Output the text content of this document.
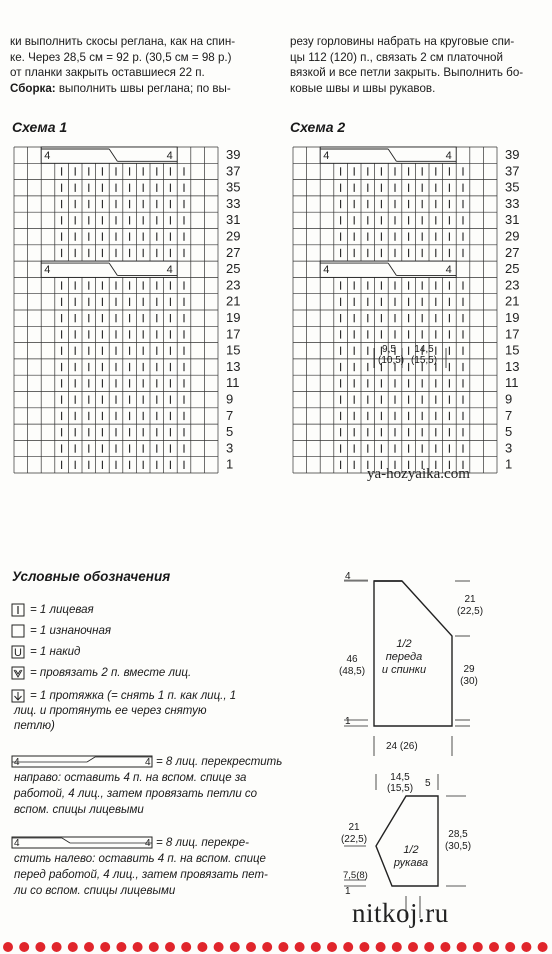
ки выполнить скосы реглана, как на спин-
ке. Через 28,5 см = 92 р. (30,5 см = 98 р.)
от планки закрыть оставшиеся 22 п.
Сборка: выполнить швы реглана; по вы-
резу горловины набрать на круговые спи-
цы 112 (120) п., связать 2 см платочной
вязкой и все петли закрыть. Выполнить бо-
ковые швы и швы рукавов.
Схема 1	Схема 2
4	4
4	4
39
37
35
33
31
29
27
25
23
21
19
17
15
13
11
9
7
5
3
1
4	4
4	4
39
37
35
33
31
29
27
25
23
21
19
17
15
13
11
9
7
5
3
1
Условные обозначения
U
4	4
4	4
= 1 лицевая
= 1 изнаночная
= 1 накид
= провязать 2 п. вместе лиц.
= 1 протяжка (= снять 1 п. как лиц., 1
лиц. и протянуть ее через снятую
петлю)
= 8 лиц. перекрестить
направо: оставить 4 п. на вспом. спице за
работой, 4 лиц., затем провязать петли со
вспом. спицы лицевыми
= 8 лиц. перекре-
стить налево: оставить 4 п. на вспом. спице
перед работой, 4 лиц., затем провязать пет-
ли со вспом. спицы лицевыми
9,5
(10,5)
14,5
(15,5)
4
21
(22,5)
46
(48,5)
1/2
переда
и спинки	29
(30)
1
24 (26)
14,5
(15,5)	5
21
(22,5)	28,5
(30,5)
1/2
рукава
7,5(8)
1
ya-hozyaika.com
nitkoj.ru
